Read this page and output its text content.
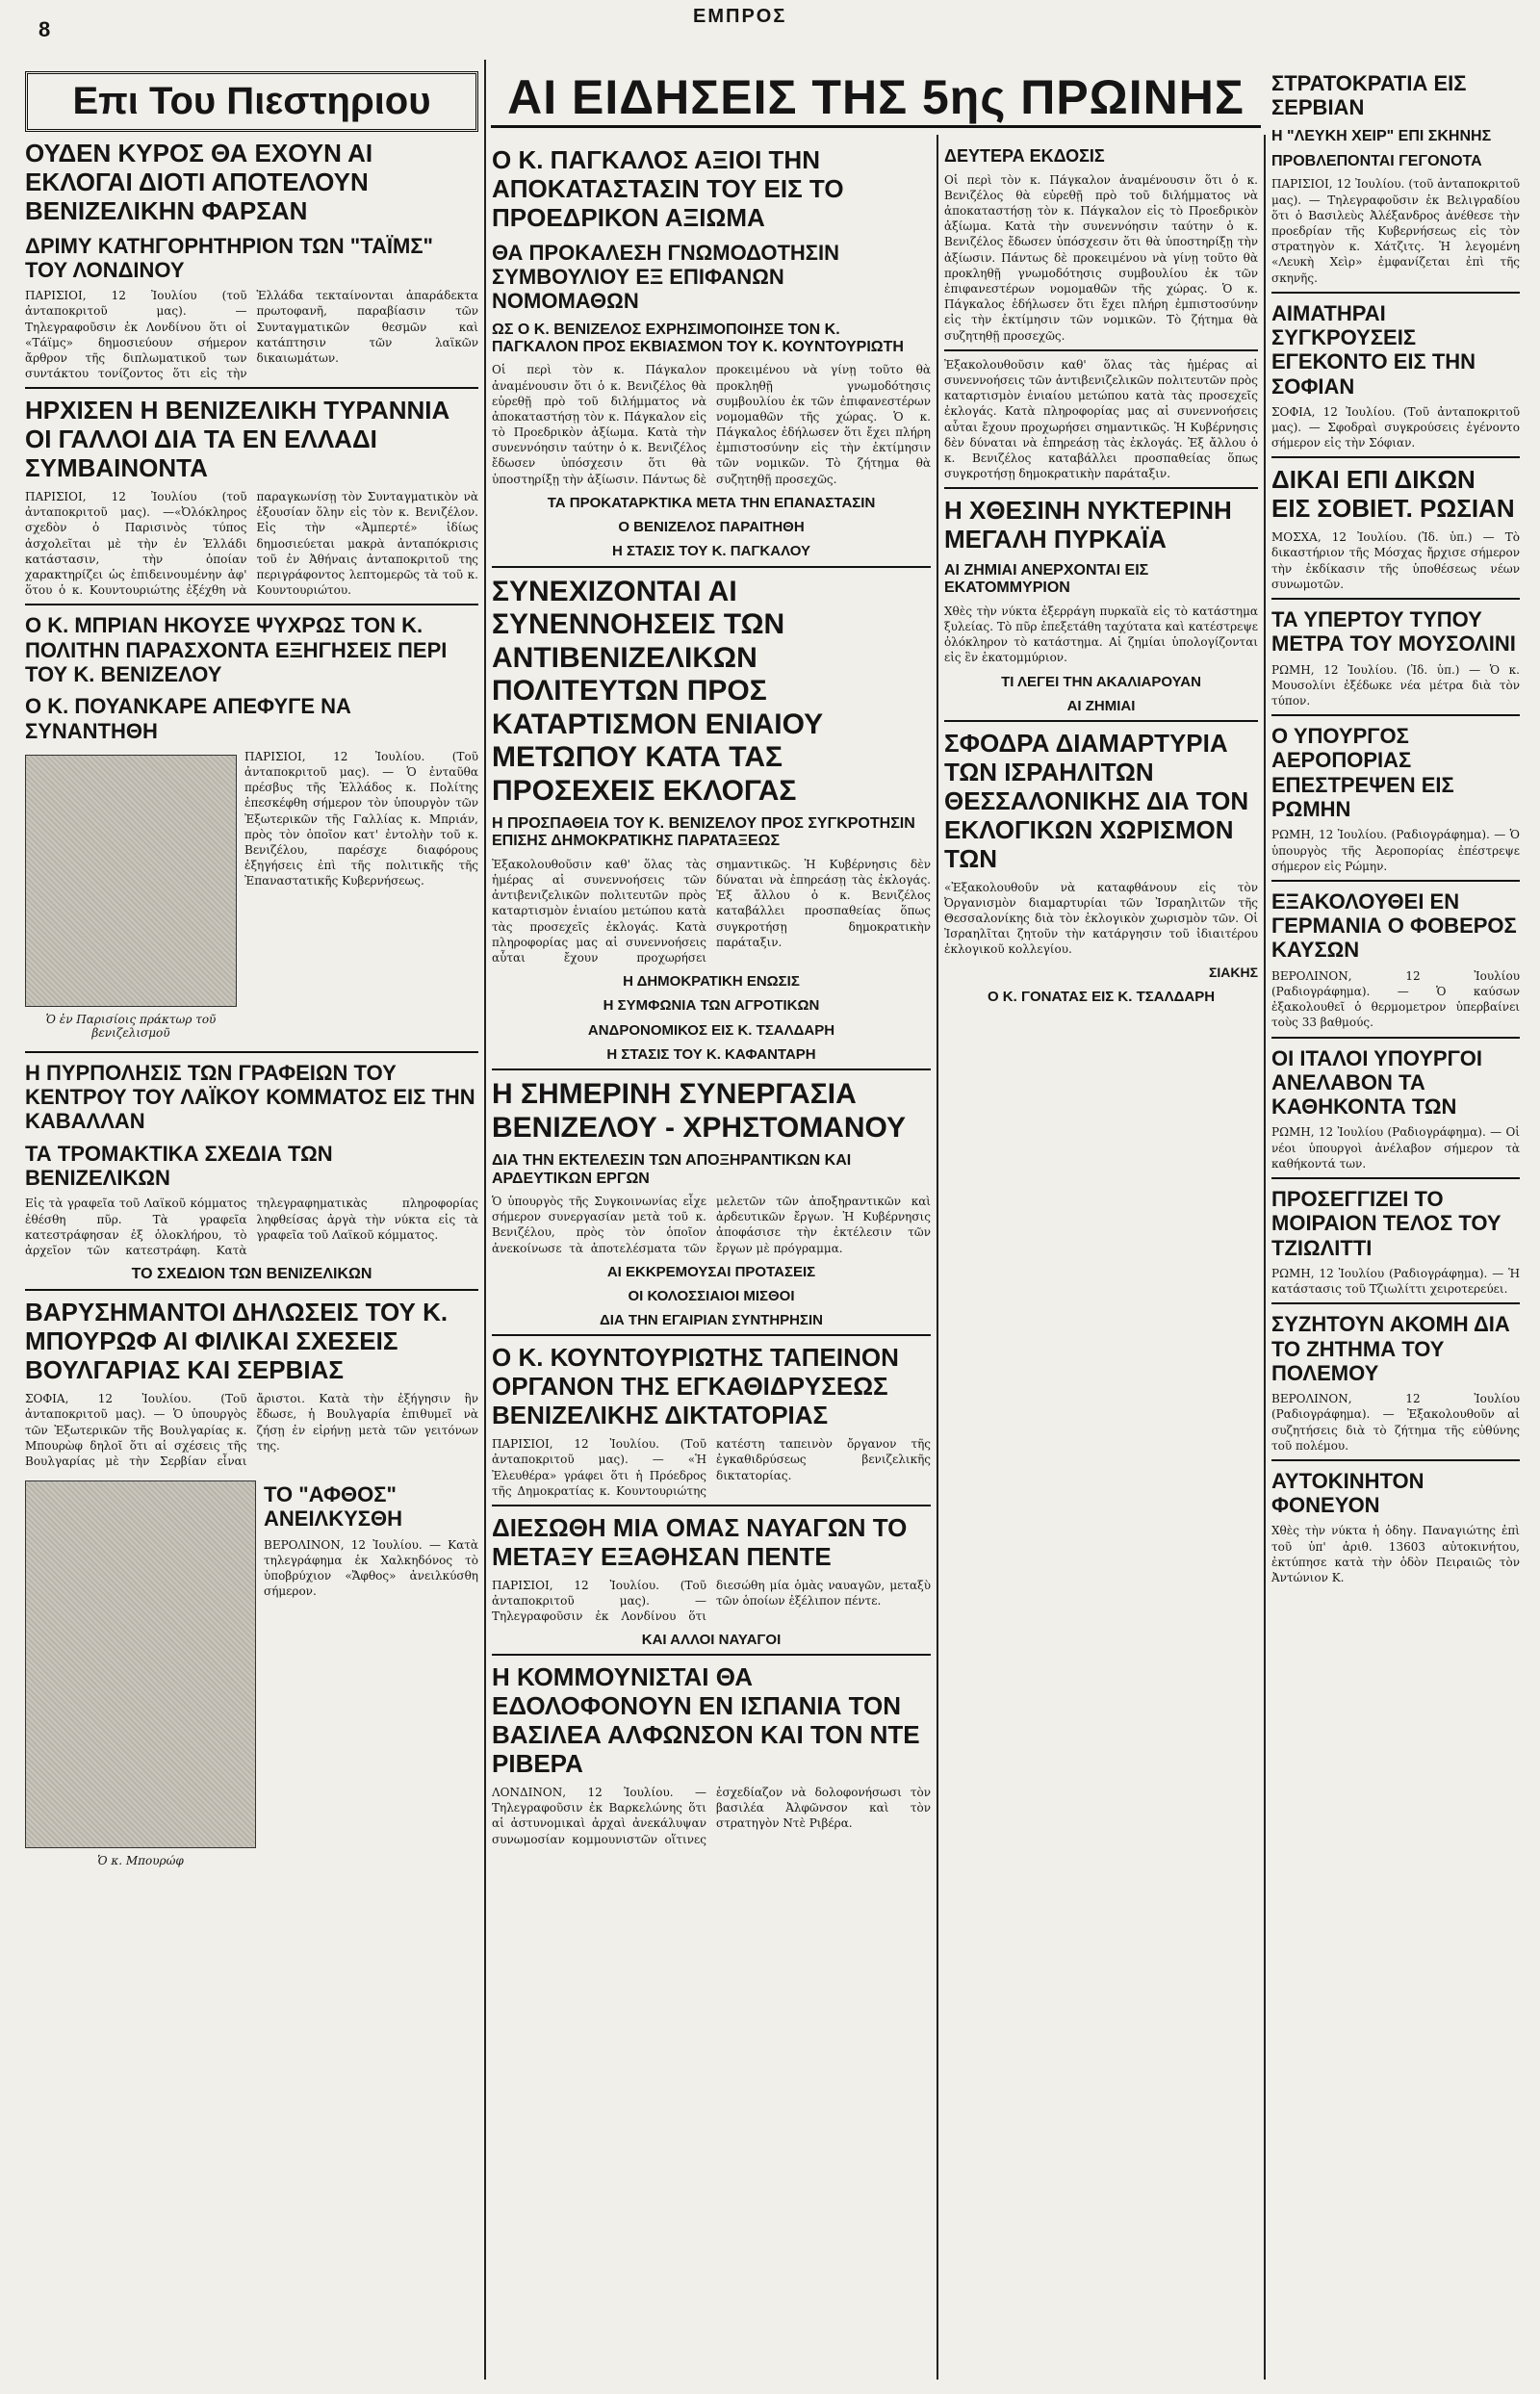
8
ΕΜΠΡΟΣ
Επι Του Πιεστηριου
ΟΥΔΕΝ ΚΥΡΟΣ ΘΑ ΕΧΟΥΝ ΑΙ ΕΚΛΟΓΑΙ ΔΙΟΤΙ ΑΠΟΤΕΛΟΥΝ ΒΕΝΙΖΕΛΙΚΗΝ ΦΑΡΣΑΝ
ΔΡΙΜΥ ΚΑΤΗΓΟΡΗΤΗΡΙΟΝ ΤΩΝ "ΤΑΪΜΣ" ΤΟΥ ΛΟΝΔΙΝΟΥ
ΠΑΡΙΣΙΟΙ, 12 Ἰουλίου (τοῦ ἀνταποκριτοῦ μας). —Τηλεγραφοῦσιν ἐκ Λονδίνου ὅτι οἱ «Τάϊμς» δημοσιεύουν σήμερον ἄρθρον τῆς διπλωματικοῦ των συντάκτου τονίζοντος ὅτι εἰς τὴν Ἑλλάδα τεκταίνονται ἀπαράδεκτα πρωτοφανῆ, παραβίασιν τῶν Συνταγματικῶν θεσμῶν καὶ κατάπτησιν τῶν λαϊκῶν δικαιωμάτων.
ΗΡΧΙΣΕΝ Η ΒΕΝΙΖΕΛΙΚΗ ΤΥΡΑΝΝΙΑ ΟΙ ΓΑΛΛΟΙ ΔΙΑ ΤΑ ΕΝ ΕΛΛΑΔΙ ΣΥΜΒΑΙΝΟΝΤΑ
ΠΑΡΙΣΙΟΙ, 12 Ἰουλίου (τοῦ ἀνταποκριτοῦ μας). —«Ὀλόκληρος σχεδὸν ὁ Παρισινὸς τύπος ἀσχολεῖται μὲ τὴν ἐν Ἑλλάδι κατάστασιν, τὴν ὁποίαν χαρακτηρίζει ὡς ἐπιδεινουμένην ἀφ' ὅτου ὁ κ. Κουντουριώτης ἐξέχθη νὰ παραγκωνίσῃ τὸν Συνταγματικὸν νὰ ἐξουσίαν ὅλην εἰς τὸν κ. Βενιζέλον. Εἰς τὴν «Ἀμπερτέ» ἰδίως δημοσιεύεται μακρὰ ἀνταπόκρισις τοῦ ἐν Ἀθήναις ἀνταποκριτοῦ της περιγράφοντος λεπτομερῶς τὰ τοῦ κ. Κουντουριώτου.
Ο Κ. ΜΠΡΙΑΝ ΗΚΟΥΣΕ ΨΥΧΡΩΣ ΤΟΝ Κ. ΠΟΛΙΤΗΝ ΠΑΡΑΣΧΟΝΤΑ ΕΞΗΓΗΣΕΙΣ ΠΕΡΙ ΤΟΥ Κ. ΒΕΝΙΖΕΛΟΥ
Ο Κ. ΠΟΥΑΝΚΑΡΕ ΑΠΕΦΥΓΕ ΝΑ ΣΥΝΑΝΤΗΘΗ
Ὁ ἐν Παρισίοις πράκτωρ τοῦ βενιζελισμοῦ
ΠΑΡΙΣΙΟΙ, 12 Ἰουλίου. (Τοῦ ἀνταποκριτοῦ μας). — Ὁ ἐνταῦθα πρέσβυς τῆς Ἑλλάδος κ. Πολίτης ἐπεσκέφθη σήμερον τὸν ὑπουργὸν τῶν Ἐξωτερικῶν τῆς Γαλλίας κ. Μπριάν, πρὸς τὸν ὁποῖον κατ' ἐντολὴν τοῦ κ. Βενιζέλου, παρέσχε διαφόρους ἐξηγήσεις ἐπὶ τῆς πολιτικῆς τῆς Ἐπαναστατικῆς Κυβερνήσεως.
Η ΠΥΡΠΟΛΗΣΙΣ ΤΩΝ ΓΡΑΦΕΙΩΝ ΤΟΥ ΚΕΝΤΡΟΥ ΤΟΥ ΛΑΪΚΟΥ ΚΟΜΜΑΤΟΣ ΕΙΣ ΤΗΝ ΚΑΒΑΛΛΑΝ
ΤΑ ΤΡΟΜΑΚΤΙΚΑ ΣΧΕΔΙΑ ΤΩΝ ΒΕΝΙΖΕΛΙΚΩΝ
Εἰς τὰ γραφεῖα τοῦ Λαϊκοῦ κόμματος ἐθέσθη πῦρ. Τὰ γραφεῖα κατεστράφησαν ἐξ ὁλοκλήρου, τὸ ἀρχεῖον τῶν κατεστράφη. Κατὰ τηλεγραφηματικὰς πληροφορίας ληφθείσας ἀργὰ τὴν νύκτα εἰς τὰ γραφεῖα τοῦ Λαϊκοῦ κόμματος.
ΤΟ ΣΧΕΔΙΟΝ ΤΩΝ ΒΕΝΙΖΕΛΙΚΩΝ
ΒΑΡΥΣΗΜΑΝΤΟΙ ΔΗΛΩΣΕΙΣ ΤΟΥ Κ. ΜΠΟΥΡΩΦ ΑΙ ΦΙΛΙΚΑΙ ΣΧΕΣΕΙΣ ΒΟΥΛΓΑΡΙΑΣ ΚΑΙ ΣΕΡΒΙΑΣ
ΣΟΦΙΑ, 12 Ἰουλίου. (Τοῦ ἀνταποκριτοῦ μας). — Ὁ ὑπουργὸς τῶν Ἐξωτερικῶν τῆς Βουλγαρίας κ. Μπουρὼφ δηλοῖ ὅτι αἱ σχέσεις τῆς Βουλγαρίας μὲ τὴν Σερβίαν εἶναι ἄριστοι. Κατὰ τὴν ἐξήγησιν ἣν ἔδωσε, ἡ Βουλγαρία ἐπιθυμεῖ νὰ ζήσῃ ἐν εἰρήνῃ μετὰ τῶν γειτόνων της.
Ὁ κ. Μπουρώφ
ΤΟ "ΑΦΘΟΣ" ΑΝΕΙΛΚΥΣΘΗ
ΒΕΡΟΛΙΝΟΝ, 12 Ἰουλίου. — Κατὰ τηλεγράφημα ἐκ Χαλκηδόνος τὸ ὑποβρύχιον «Ἄφθος» ἀνειλκύσθη σήμερον.
ΑΙ ΕΙΔΗΣΕΙΣ ΤΗΣ 5ης ΠΡΩΙΝΗΣ
Ο Κ. ΠΑΓΚΑΛΟΣ ΑΞΙΟΙ ΤΗΝ ΑΠΟΚΑΤΑΣΤΑΣΙΝ ΤΟΥ ΕΙΣ ΤΟ ΠΡΟΕΔΡΙΚΟΝ ΑΞΙΩΜΑ
ΘΑ ΠΡΟΚΑΛΕΣΗ ΓΝΩΜΟΔΟΤΗΣΙΝ ΣΥΜΒΟΥΛΙΟΥ ΕΞ ΕΠΙΦΑΝΩΝ ΝΟΜΟΜΑΘΩΝ
ΩΣ Ο Κ. ΒΕΝΙΖΕΛΟΣ ΕΧΡΗΣΙΜΟΠΟΙΗΣΕ ΤΟΝ Κ. ΠΑΓΚΑΛΟΝ ΠΡΟΣ ΕΚΒΙΑΣΜΟΝ ΤΟΥ Κ. ΚΟΥΝΤΟΥΡΙΩΤΗ
Οἱ περὶ τὸν κ. Πάγκαλον ἀναμένουσιν ὅτι ὁ κ. Βενιζέλος θὰ εὑρεθῇ πρὸ τοῦ διλήμματος νὰ ἀποκαταστήσῃ τὸν κ. Πάγκαλον εἰς τὸ Προεδρικὸν ἀξίωμα. Κατὰ τὴν συνεννόησιν ταύτην ὁ κ. Βενιζέλος ἔδωσεν ὑπόσχεσιν ὅτι θὰ ὑποστηρίξῃ τὴν ἀξίωσιν. Πάντως δὲ προκειμένου νὰ γίνῃ τοῦτο θὰ προκληθῇ γνωμοδότησις συμβουλίου ἐκ τῶν ἐπιφανεστέρων νομομαθῶν τῆς χώρας. Ὁ κ. Πάγκαλος ἐδήλωσεν ὅτι ἔχει πλήρη ἐμπιστοσύνην εἰς τὴν ἐκτίμησιν τῶν νομικῶν. Τὸ ζήτημα θὰ συζητηθῇ προσεχῶς.
ΤΑ ΠΡΟΚΑΤΑΡΚΤΙΚΑ ΜΕΤΑ ΤΗΝ ΕΠΑΝΑΣΤΑΣΙΝ
Ο ΒΕΝΙΖΕΛΟΣ ΠΑΡΑΙΤΗΘΗ
Η ΣΤΑΣΙΣ ΤΟΥ Κ. ΠΑΓΚΑΛΟΥ
ΣΥΝΕΧΙΖΟΝΤΑΙ ΑΙ ΣΥΝΕΝΝΟΗΣΕΙΣ ΤΩΝ ΑΝΤΙΒΕΝΙΖΕΛΙΚΩΝ ΠΟΛΙΤΕΥΤΩΝ ΠΡΟΣ ΚΑΤΑΡΤΙΣΜΟΝ ΕΝΙΑΙΟΥ ΜΕΤΩΠΟΥ ΚΑΤΑ ΤΑΣ ΠΡΟΣΕΧΕΙΣ ΕΚΛΟΓΑΣ
Η ΠΡΟΣΠΑΘΕΙΑ ΤΟΥ Κ. ΒΕΝΙΖΕΛΟΥ ΠΡΟΣ ΣΥΓΚΡΟΤΗΣΙΝ ΕΠΙΣΗΣ ΔΗΜΟΚΡΑΤΙΚΗΣ ΠΑΡΑΤΑΞΕΩΣ
Ἐξακολουθοῦσιν καθ' ὅλας τὰς ἡμέρας αἱ συνεννοήσεις τῶν ἀντιβενιζελικῶν πολιτευτῶν πρὸς καταρτισμὸν ἑνιαίου μετώπου κατὰ τὰς προσεχεῖς ἐκλογάς. Κατὰ πληροφορίας μας αἱ συνεννοήσεις αὗται ἔχουν προχωρήσει σημαντικῶς. Ἡ Κυβέρνησις δὲν δύναται νὰ ἐπηρεάσῃ τὰς ἐκλογάς. Ἐξ ἄλλου ὁ κ. Βενιζέλος καταβάλλει προσπαθείας ὅπως συγκροτήσῃ δημοκρατικὴν παράταξιν.
Η ΔΗΜΟΚΡΑΤΙΚΗ ΕΝΩΣΙΣ
Η ΣΥΜΦΩΝΙΑ ΤΩΝ ΑΓΡΟΤΙΚΩΝ
ΑΝΔΡΟΝΟΜΙΚΟΣ ΕΙΣ Κ. ΤΣΑΛΔΑΡΗ
Η ΣΤΑΣΙΣ ΤΟΥ Κ. ΚΑΦΑΝΤΑΡΗ
Η ΣΗΜΕΡΙΝΗ ΣΥΝΕΡΓΑΣΙΑ ΒΕΝΙΖΕΛΟΥ - ΧΡΗΣΤΟΜΑΝΟΥ
ΔΙΑ ΤΗΝ ΕΚΤΕΛΕΣΙΝ ΤΩΝ ΑΠΟΞΗΡΑΝΤΙΚΩΝ ΚΑΙ ΑΡΔΕΥΤΙΚΩΝ ΕΡΓΩΝ
Ὁ ὑπουργὸς τῆς Συγκοινωνίας εἶχε σήμερον συνεργασίαν μετὰ τοῦ κ. Βενιζέλου, πρὸς τὸν ὁποῖον ἀνεκοίνωσε τὰ ἀποτελέσματα τῶν μελετῶν τῶν ἀποξηραντικῶν καὶ ἀρδευτικῶν ἔργων. Ἡ Κυβέρνησις ἀποφάσισε τὴν ἐκτέλεσιν τῶν ἔργων μὲ πρόγραμμα.
ΑΙ ΕΚΚΡΕΜΟΥΣΑΙ ΠΡΟΤΑΣΕΙΣ
ΟΙ ΚΟΛΟΣΣΙΑΙΟΙ ΜΙΣΘΟΙ
ΔΙΑ ΤΗΝ ΕΓΑΙΡΙΑΝ ΣΥΝΤΗΡΗΣΙΝ
Ο Κ. ΚΟΥΝΤΟΥΡΙΩΤΗΣ ΤΑΠΕΙΝΟΝ ΟΡΓΑΝΟΝ ΤΗΣ ΕΓΚΑΘΙΔΡΥΣΕΩΣ ΒΕΝΙΖΕΛΙΚΗΣ ΔΙΚΤΑΤΟΡΙΑΣ
ΠΑΡΙΣΙΟΙ, 12 Ἰουλίου. (Τοῦ ἀνταποκριτοῦ μας). — «Ἡ Ἐλευθέρα» γράφει ὅτι ἡ Πρόεδρος τῆς Δημοκρατίας κ. Κουντουριώτης κατέστη ταπεινὸν ὄργανον τῆς ἐγκαθιδρύσεως βενιζελικῆς δικτατορίας.
ΔΙΕΣΩΘΗ ΜΙΑ ΟΜΑΣ ΝΑΥΑΓΩΝ ΤΟ ΜΕΤΑΞΥ ΕΞΑΘΗΣΑΝ ΠΕΝΤΕ
ΠΑΡΙΣΙΟΙ, 12 Ἰουλίου. (Τοῦ ἀνταποκριτοῦ μας). — Τηλεγραφοῦσιν ἐκ Λονδίνου ὅτι διεσώθη μία ὁμὰς ναυαγῶν, μεταξὺ τῶν ὁποίων ἐξέλιπον πέντε.
ΚΑΙ ΑΛΛΟΙ ΝΑΥΑΓΟΙ
Η ΚΟΜΜΟΥΝΙΣΤΑΙ ΘΑ ΕΔΟΛΟΦΟΝΟΥΝ ΕΝ ΙΣΠΑΝΙΑ ΤΟΝ ΒΑΣΙΛΕΑ ΑΛΦΩΝΣΟΝ ΚΑΙ ΤΟΝ ΝΤΕ ΡΙΒΕΡΑ
ΛΟΝΔΙΝΟΝ, 12 Ἰουλίου. — Τηλεγραφοῦσιν ἐκ Βαρκελώνης ὅτι αἱ ἀστυνομικαὶ ἀρχαὶ ἀνεκάλυψαν συνωμοσίαν κομμουνιστῶν οἵτινες ἐσχεδίαζον νὰ δολοφονήσωσι τὸν βασιλέα Ἀλφῶνσον καὶ τὸν στρατηγὸν Ντὲ Ριβέρα.
ΔΕΥΤΕΡΑ ΕΚΔΟΣΙΣ
Οἱ περὶ τὸν κ. Πάγκαλον ἀναμένουσιν ὅτι ὁ κ. Βενιζέλος θὰ εὑρεθῇ πρὸ τοῦ διλήμματος νὰ ἀποκαταστήσῃ τὸν κ. Πάγκαλον εἰς τὸ Προεδρικὸν ἀξίωμα. Κατὰ τὴν συνεννόησιν ταύτην ὁ κ. Βενιζέλος ἔδωσεν ὑπόσχεσιν ὅτι θὰ ὑποστηρίξῃ τὴν ἀξίωσιν. Πάντως δὲ προκειμένου νὰ γίνῃ τοῦτο θὰ προκληθῇ γνωμοδότησις συμβουλίου ἐκ τῶν ἐπιφανεστέρων νομομαθῶν τῆς χώρας. Ὁ κ. Πάγκαλος ἐδήλωσεν ὅτι ἔχει πλήρη ἐμπιστοσύνην εἰς τὴν ἐκτίμησιν τῶν νομικῶν. Τὸ ζήτημα θὰ συζητηθῇ προσεχῶς.
Ἐξακολουθοῦσιν καθ' ὅλας τὰς ἡμέρας αἱ συνεννοήσεις τῶν ἀντιβενιζελικῶν πολιτευτῶν πρὸς καταρτισμὸν ἑνιαίου μετώπου κατὰ τὰς προσεχεῖς ἐκλογάς. Κατὰ πληροφορίας μας αἱ συνεννοήσεις αὗται ἔχουν προχωρήσει σημαντικῶς. Ἡ Κυβέρνησις δὲν δύναται νὰ ἐπηρεάσῃ τὰς ἐκλογάς. Ἐξ ἄλλου ὁ κ. Βενιζέλος καταβάλλει προσπαθείας ὅπως συγκροτήσῃ δημοκρατικὴν παράταξιν.
Η ΧΘΕΣΙΝΗ ΝΥΚΤΕΡΙΝΗ ΜΕΓΑΛΗ ΠΥΡΚΑΪΑ
ΑΙ ΖΗΜΙΑΙ ΑΝΕΡΧΟΝΤΑΙ ΕΙΣ ΕΚΑΤΟΜΜΥΡΙΟΝ
Χθὲς τὴν νύκτα ἐξερράγη πυρκαϊὰ εἰς τὸ κατάστημα ξυλείας. Τὸ πῦρ ἐπεξετάθη ταχύτατα καὶ κατέστρεψε ὁλόκληρον τὸ κατάστημα. Αἱ ζημίαι ὑπολογίζονται εἰς ἓν ἑκατομμύριον.
ΤΙ ΛΕΓΕΙ ΤΗΝ ΑΚΑΛΙΑΡΟΥΑΝ
ΑΙ ΖΗΜΙΑΙ
ΣΦΟΔΡΑ ΔΙΑΜΑΡΤΥΡΙΑ ΤΩΝ ΙΣΡΑΗΛΙΤΩΝ ΘΕΣΣΑΛΟΝΙΚΗΣ ΔΙΑ ΤΟΝ ΕΚΛΟΓΙΚΩΝ ΧΩΡΙΣΜΟΝ ΤΩΝ
«Ἐξακολουθοῦν νὰ καταφθάνουν εἰς τὸν Ὀργανισμὸν διαμαρτυρίαι τῶν Ἰσραηλιτῶν τῆς Θεσσαλονίκης διὰ τὸν ἐκλογικὸν χωρισμὸν τῶν. Οἱ Ἰσραηλῖται ζητοῦν τὴν κατάργησιν τοῦ ἰδιαιτέρου ἐκλογικοῦ κολλεγίου.
ΣΙΑΚΗΣ
Ο Κ. ΓΟΝΑΤΑΣ ΕΙΣ Κ. ΤΣΑΛΔΑΡΗ
ΣΤΡΑΤΟΚΡΑΤΙΑ ΕΙΣ ΣΕΡΒΙΑΝ
Η "ΛΕΥΚΗ ΧΕΙΡ" ΕΠΙ ΣΚΗΝΗΣ
ΠΡΟΒΛΕΠΟΝΤΑΙ ΓΕΓΟΝΟΤΑ
ΠΑΡΙΣΙΟΙ, 12 Ἰουλίου. (τοῦ ἀνταποκριτοῦ μας). — Τηλεγραφοῦσιν ἐκ Βελιγραδίου ὅτι ὁ Βασιλεὺς Ἀλέξανδρος ἀνέθεσε τὴν προεδρίαν τῆς Κυβερνήσεως εἰς τὸν στρατηγὸν κ. Χάτζιτς. Ἡ λεγομένη «Λευκὴ Χεὶρ» ἐμφανίζεται ἐπὶ τῆς σκηνῆς.
ΑΙΜΑΤΗΡΑΙ ΣΥΓΚΡΟΥΣΕΙΣ ΕΓΕΚΟΝΤΟ ΕΙΣ ΤΗΝ ΣΟΦΙΑΝ
ΣΟΦΙΑ, 12 Ἰουλίου. (Τοῦ ἀνταποκριτοῦ μας). — Σφοδραὶ συγκρούσεις ἐγένοντο σήμερον εἰς τὴν Σόφιαν.
ΔΙΚΑΙ ΕΠΙ ΔΙΚΩΝ ΕΙΣ ΣΟΒΙΕΤ. ΡΩΣΙΑΝ
ΜΟΣΧΑ, 12 Ἰουλίου. (Ἰδ. ὑπ.) — Τὸ δικαστήριον τῆς Μόσχας ἤρχισε σήμερον τὴν ἐκδίκασιν τῆς ὑποθέσεως νέων συνωμοτῶν.
ΤΑ ΥΠΕΡΤΟΥ ΤΥΠΟΥ ΜΕΤΡΑ ΤΟΥ ΜΟΥΣΟΛΙΝΙ
ΡΩΜΗ, 12 Ἰουλίου. (Ἰδ. ὑπ.) — Ὁ κ. Μουσολίνι ἐξέδωκε νέα μέτρα διὰ τὸν τύπον.
Ο ΥΠΟΥΡΓΟΣ ΑΕΡΟΠΟΡΙΑΣ ΕΠΕΣΤΡΕΨΕΝ ΕΙΣ ΡΩΜΗΝ
ΡΩΜΗ, 12 Ἰουλίου. (Ραδιογράφημα). — Ὁ ὑπουργὸς τῆς Ἀεροπορίας ἐπέστρεψε σήμερον εἰς Ρώμην.
ΕΞΑΚΟΛΟΥΘΕΙ ΕΝ ΓΕΡΜΑΝΙΑ Ο ΦΟΒΕΡΟΣ ΚΑΥΣΩΝ
ΒΕΡΟΛΙΝΟΝ, 12 Ἰουλίου (Ραδιογράφημα). — Ὁ καύσων ἐξακολουθεῖ ὁ θερμομετρον ὑπερβαίνει τοὺς 33 βαθμούς.
ΟΙ ΙΤΑΛΟΙ ΥΠΟΥΡΓΟΙ ΑΝΕΛΑΒΟΝ ΤΑ ΚΑΘΗΚΟΝΤΑ ΤΩΝ
ΡΩΜΗ, 12 Ἰουλίου (Ραδιογράφημα). — Οἱ νέοι ὑπουργοὶ ἀνέλαβον σήμερον τὰ καθήκοντά των.
ΠΡΟΣΕΓΓΙΖΕΙ ΤΟ ΜΟΙΡΑΙΟΝ ΤΕΛΟΣ ΤΟΥ ΤΖΙΩΛΙΤΤΙ
ΡΩΜΗ, 12 Ἰουλίου (Ραδιογράφημα). — Ἡ κατάστασις τοῦ Τζιωλίττι χειροτερεύει.
ΣΥΖΗΤΟΥΝ ΑΚΟΜΗ ΔΙΑ ΤΟ ΖΗΤΗΜΑ ΤΟΥ ΠΟΛΕΜΟΥ
ΒΕΡΟΛΙΝΟΝ, 12 Ἰουλίου (Ραδιογράφημα). — Ἐξακολουθοῦν αἱ συζητήσεις διὰ τὸ ζήτημα τῆς εὐθύνης τοῦ πολέμου.
ΑΥΤΟΚΙΝΗΤΟΝ ΦΟΝΕΥΟΝ
Χθὲς τὴν νύκτα ἡ ὁδηγ. Παναγιώτης ἐπὶ τοῦ ὑπ' ἀριθ. 13603 αὐτοκινήτου, ἐκτύπησε κατὰ τὴν ὁδὸν Πειραιῶς τὸν Ἀντώνιον Κ.
